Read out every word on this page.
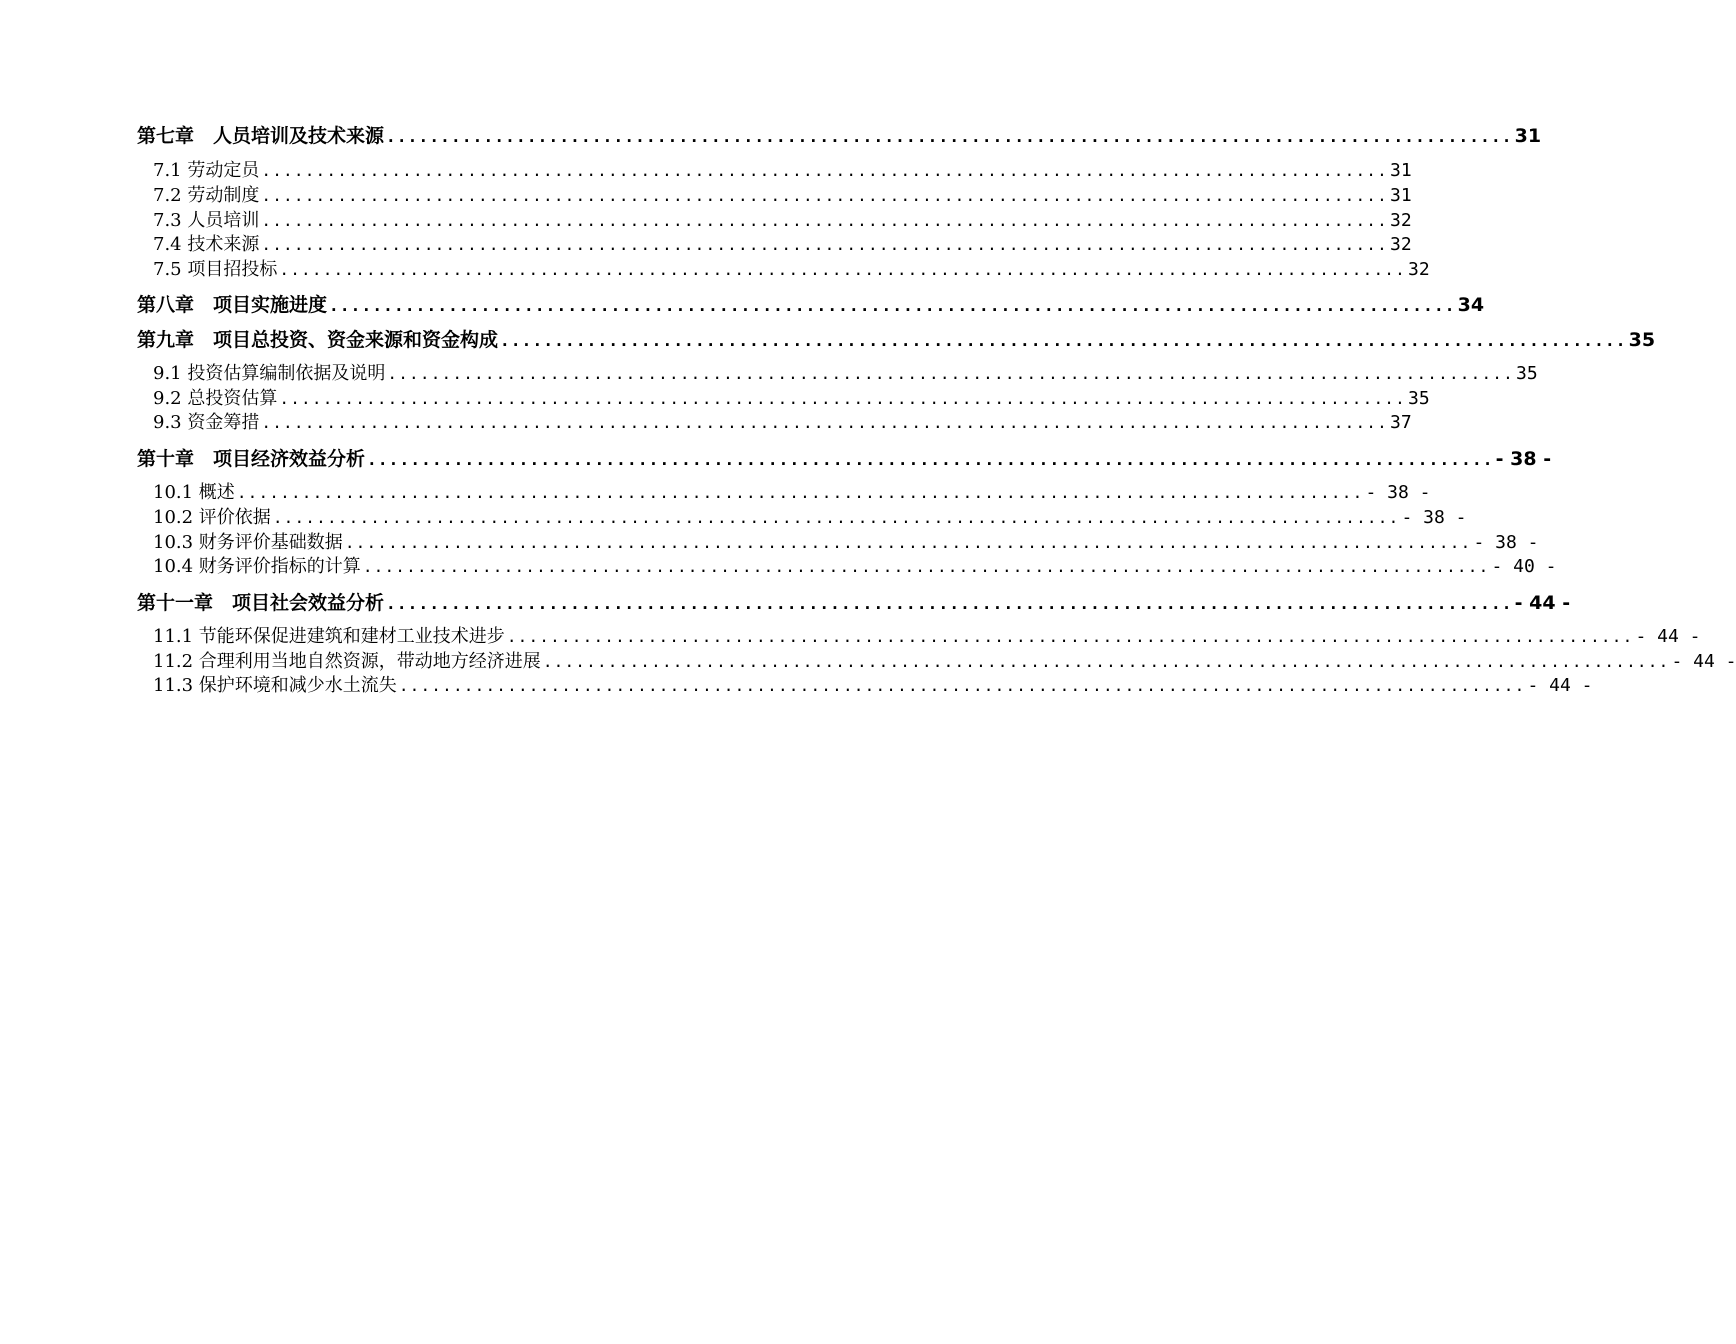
第七章　人员培训及技术来源 ........................................................................................................ 31
7.1 劳动定员 ........................................................................................................ 31
7.2 劳动制度 ........................................................................................................ 31
7.3 人员培训 ........................................................................................................ 32
7.4 技术来源 ........................................................................................................ 32
7.5 项目招投标 ........................................................................................................ 32
第八章　项目实施进度 ........................................................................................................ 34
第九章　项目总投资、资金来源和资金构成 ........................................................................................................ 35
9.1 投资估算编制依据及说明 ........................................................................................................ 35
9.2 总投资估算 ........................................................................................................ 35
9.3 资金筹措 ........................................................................................................ 37
第十章　项目经济效益分析 ........................................................................................................ - 38 -
10.1 概述 ........................................................................................................ - 38 -
10.2 评价依据 ........................................................................................................ - 38 -
10.3 财务评价基础数据 ........................................................................................................ - 38 -
10.4 财务评价指标的计算 ........................................................................................................ - 40 -
第十一章　项目社会效益分析 ........................................................................................................ - 44 -
11.1 节能环保促进建筑和建材工业技术进步 ........................................................................................................ - 44 -
11.2 合理利用当地自然资源，带动地方经济进展 ........................................................................................................ - 44 -
11.3 保护环境和减少水土流失 ........................................................................................................ - 44 -
